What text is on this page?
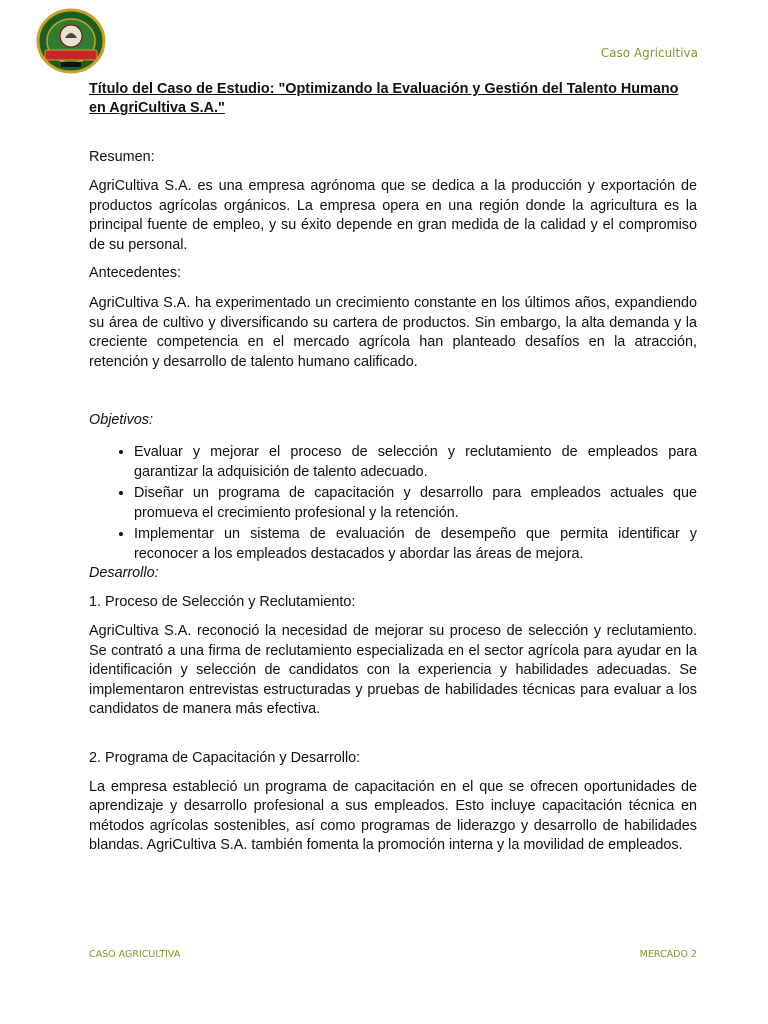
Caso Agricultiva
Título del Caso de Estudio: "Optimizando la Evaluación y Gestión del Talento Humano en AgriCultiva S.A."
Resumen:

AgriCultiva S.A. es una empresa agrónoma que se dedica a la producción y exportación de productos agrícolas orgánicos. La empresa opera en una región donde la agricultura es la principal fuente de empleo, y su éxito depende en gran medida de la calidad y el compromiso de su personal.

Antecedentes:

AgriCultiva S.A. ha experimentado un crecimiento constante en los últimos años, expandiendo su área de cultivo y diversificando su cartera de productos. Sin embargo, la alta demanda y la creciente competencia en el mercado agrícola han planteado desafíos en la atracción, retención y desarrollo de talento humano calificado.

Objetivos:
• Evaluar y mejorar el proceso de selección y reclutamiento de empleados para garantizar la adquisición de talento adecuado.
• Diseñar un programa de capacitación y desarrollo para empleados actuales que promueva el crecimiento profesional y la retención.
• Implementar un sistema de evaluación de desempeño que permita identificar y reconocer a los empleados destacados y abordar las áreas de mejora.
Desarrollo:
1. Proceso de Selección y Reclutamiento:

AgriCultiva S.A. reconoció la necesidad de mejorar su proceso de selección y reclutamiento. Se contrató a una firma de reclutamiento especializada en el sector agrícola para ayudar en la identificación y selección de candidatos con la experiencia y habilidades adecuadas. Se implementaron entrevistas estructuradas y pruebas de habilidades técnicas para evaluar a los candidatos de manera más efectiva.

2. Programa de Capacitación y Desarrollo:

La empresa estableció un programa de capacitación en el que se ofrecen oportunidades de aprendizaje y desarrollo profesional a sus empleados. Esto incluye capacitación técnica en métodos agrícolas sostenibles, así como programas de liderazgo y desarrollo de habilidades blandas. AgriCultiva S.A. también fomenta la promoción interna y la movilidad de empleados.

CASO AGRICULTIVA	MERCADO 2
